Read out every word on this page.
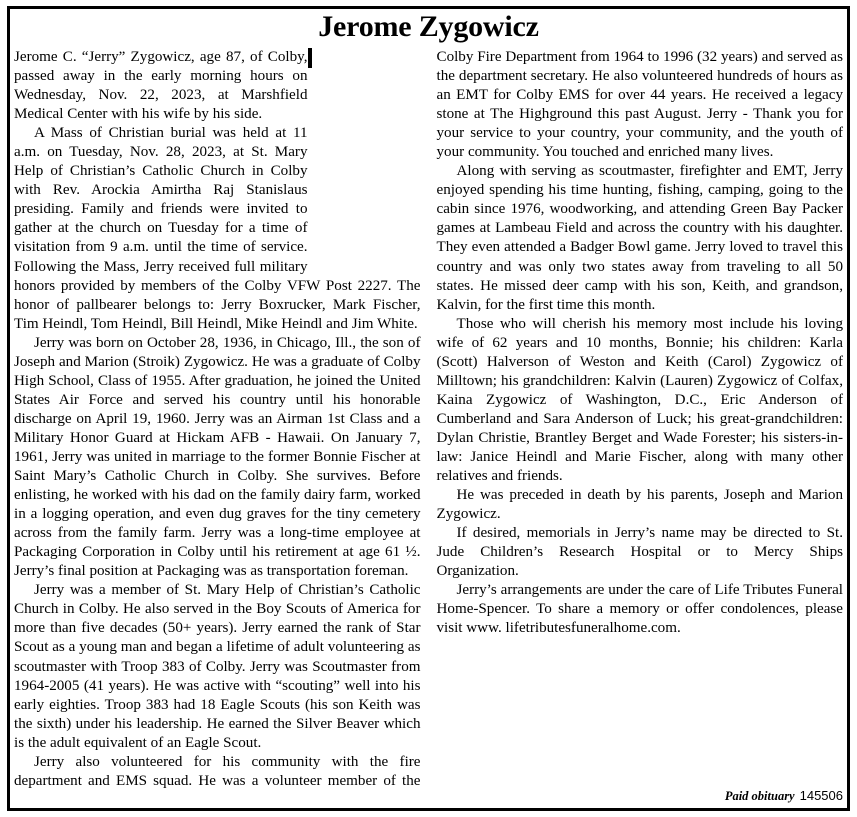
Jerome Zygowicz

Jerome C. “Jerry” Zygowicz, age 87, of Colby, passed away in the early morning hours on Wednesday, Nov. 22, 2023, at Marshfield Medical Center with his wife by his side.

A Mass of Christian burial was held at 11 a.m. on Tuesday, Nov. 28, 2023, at St. Mary Help of Christian’s Catholic Church in Colby with Rev. Arockia Amirtha Raj Stanislaus presiding. Family and friends were invited to gather at the church on Tuesday for a time of visitation from 9 a.m. until the time of service. Following the Mass, Jerry received full military honors provided by members of the Colby VFW Post 2227. The honor of pallbearer belongs to: Jerry Boxrucker, Mark Fischer, Tim Heindl, Tom Heindl, Bill Heindl, Mike Heindl and Jim White.

Jerry was born on October 28, 1936, in Chicago, Ill., the son of Joseph and Marion (Stroik) Zygowicz. He was a graduate of Colby High School, Class of 1955. After graduation, he joined the United States Air Force and served his country until his honorable discharge on April 19, 1960. Jerry was an Airman 1st Class and a Military Honor Guard at Hickam AFB - Hawaii. On January 7, 1961, Jerry was united in marriage to the former Bonnie Fischer at Saint Mary’s Catholic Church in Colby. She survives. Before enlisting, he worked with his dad on the family dairy farm, worked in a logging operation, and even dug graves for the tiny cemetery across from the family farm. Jerry was a long-time employee at Packaging Corporation in Colby until his retirement at age 61 ½. Jerry’s final position at Packaging was as transportation foreman.

Jerry was a member of St. Mary Help of Christian’s Catholic Church in Colby. He also served in the Boy Scouts of America for more than five decades (50+ years). Jerry earned the rank of Star Scout as a young man and began a lifetime of adult volunteering as scoutmaster with Troop 383 of Colby. Jerry was Scoutmaster from 1964-2005 (41 years). He was active with “scouting” well into his early eighties. Troop 383 had 18 Eagle Scouts (his son Keith was the sixth) under his leadership. He earned the Silver Beaver which is the adult equivalent of an Eagle Scout.

Jerry also volunteered for his community with the fire department and EMS squad. He was a volunteer member of the Colby Fire Department from 1964 to 1996 (32 years) and served as the department secretary. He also volunteered hundreds of hours as an EMT for Colby EMS for over 44 years. He received a legacy stone at The Highground this past August. Jerry - Thank you for your service to your country, your community, and the youth of your community. You touched and enriched many lives.

Along with serving as scoutmaster, firefighter and EMT, Jerry enjoyed spending his time hunting, fishing, camping, going to the cabin since 1976, woodworking, and attending Green Bay Packer games at Lambeau Field and across the country with his daughter. They even attended a Badger Bowl game. Jerry loved to travel this country and was only two states away from traveling to all 50 states. He missed deer camp with his son, Keith, and grandson, Kalvin, for the first time this month.

Those who will cherish his memory most include his loving wife of 62 years and 10 months, Bonnie; his children: Karla (Scott) Halverson of Weston and Keith (Carol) Zygowicz of Milltown; his grandchildren: Kalvin (Lauren) Zygowicz of Colfax, Kaina Zygowicz of Washington, D.C., Eric Anderson of Cumberland and Sara Anderson of Luck; his great-grandchildren: Dylan Christie, Brantley Berget and Wade Forester; his sisters-in-law: Janice Heindl and Marie Fischer, along with many other relatives and friends.

He was preceded in death by his parents, Joseph and Marion Zygowicz.

If desired, memorials in Jerry’s name may be directed to St. Jude Children’s Research Hospital or to Mercy Ships Organization.

Jerry’s arrangements are under the care of Life Tributes Funeral Home-Spencer. To share a memory or offer condolences, please visit www. lifetributesfuneralhome.com.

Paid obituary 145506
